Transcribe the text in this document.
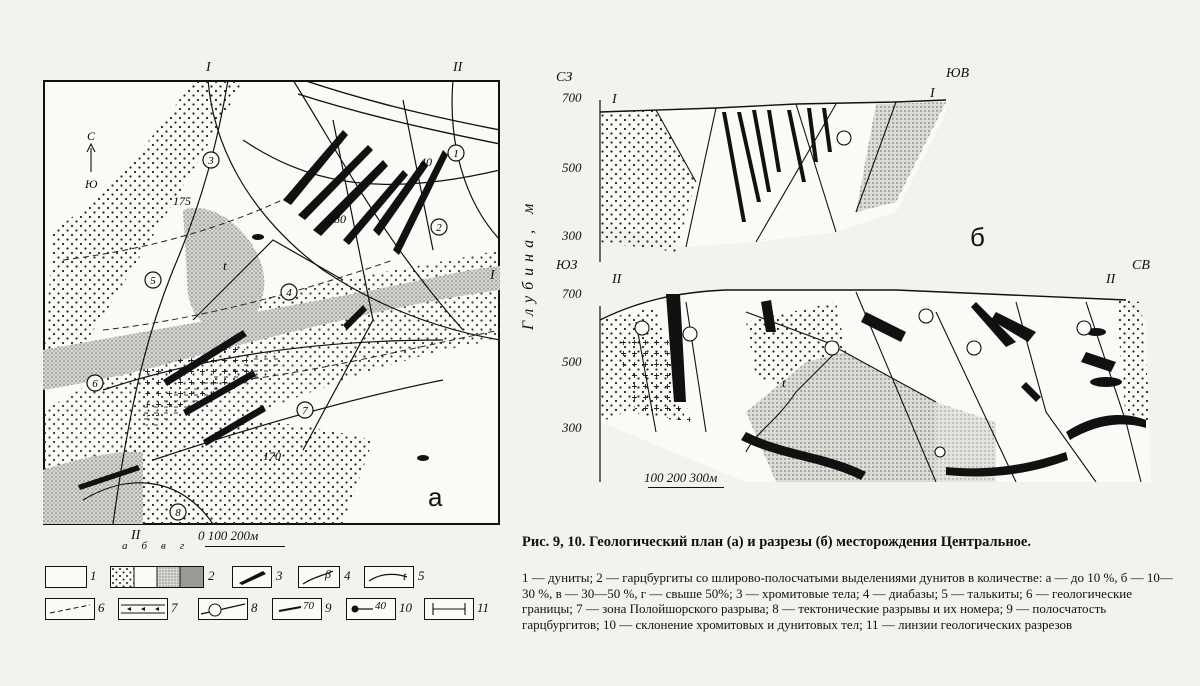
3
1
2
4
5
6
7
8
t
175
170
380
40
С
Ю
I	II
I
II	0 100 200м
а
абвг
1	2	3	β 4	t 5
6	7	8	70 9	40 10	11
СЗ	ЮВ
I	I
700
500
300	б
Глубина, м ЮЗ	СВ
II	II
700
500
300
t
100 200 300м
Рис. 9, 10. Геологический план (а) и разрезы (б) месторождения Центральное.
1 — дуниты; 2 — гарцбургиты со шлирово-полосчатыми выделениями дунитов в количестве: а — до 10 %, б — 10—30 %, в — 30—50 %, г — свыше 50%; 3 — хромитовые тела; 4 — диабазы; 5 — талькиты; 6 — геологические границы; 7 — зона Полойшорского разрыва; 8 — тектонические разрывы и их номера; 9 — полосчатость гарцбургитов; 10 — склонение хромитовых и дунитовых тел; 11 — линзии геологических разрезов
